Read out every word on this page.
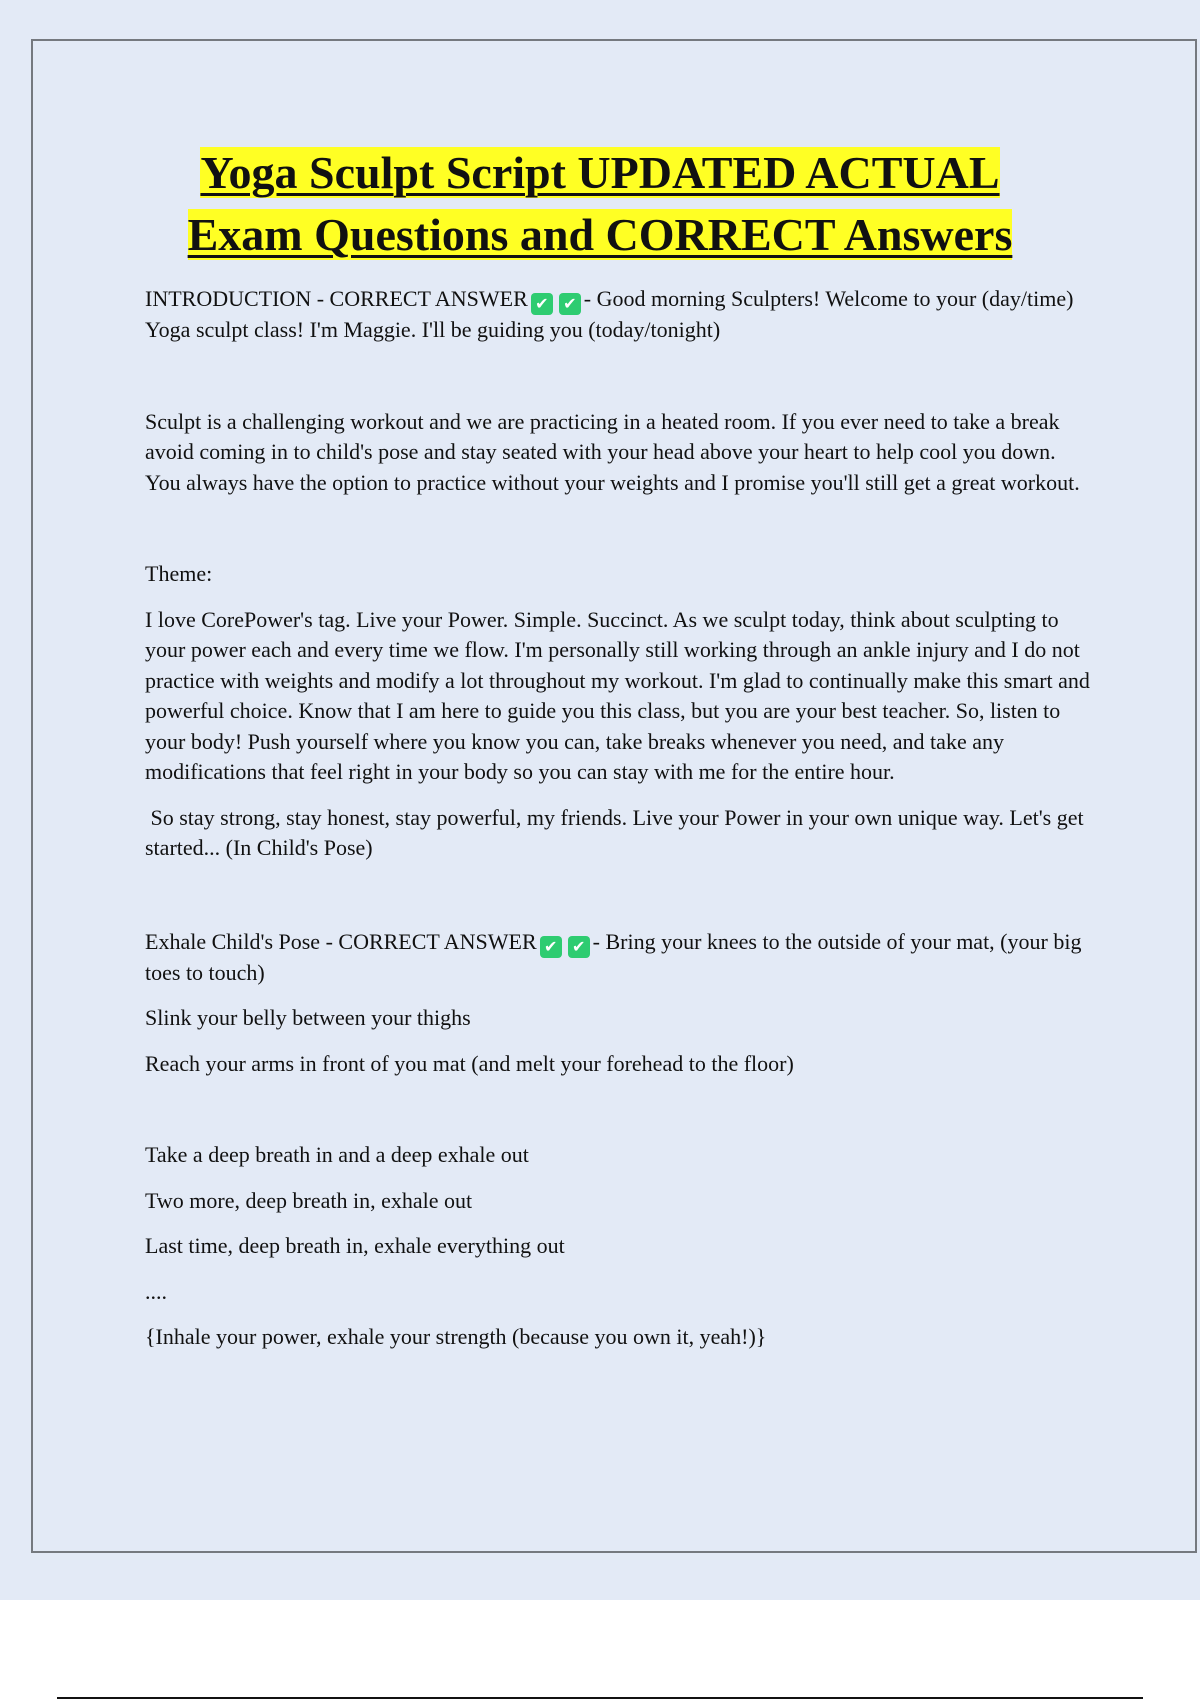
Yoga Sculpt Script UPDATED ACTUAL
Exam Questions and CORRECT Answers

INTRODUCTION - CORRECT ANSWER ✔ ✔ - Good morning Sculpters! Welcome to your (day/time) Yoga sculpt class! I'm Maggie. I'll be guiding you (today/tonight)

Sculpt is a challenging workout and we are practicing in a heated room. If you ever need to take a break avoid coming in to child's pose and stay seated with your head above your heart to help cool you down. You always have the option to practice without your weights and I promise you'll still get a great workout.

Theme:

I love CorePower's tag. Live your Power. Simple. Succinct. As we sculpt today, think about sculpting to your power each and every time we flow. I'm personally still working through an ankle injury and I do not practice with weights and modify a lot throughout my workout. I'm glad to continually make this smart and powerful choice. Know that I am here to guide you this class, but you are your best teacher. So, listen to your body! Push yourself where you know you can, take breaks whenever you need, and take any modifications that feel right in your body so you can stay with me for the entire hour.

So stay strong, stay honest, stay powerful, my friends. Live your Power in your own unique way. Let's get started... (In Child's Pose)

Exhale Child's Pose - CORRECT ANSWER ✔ ✔ - Bring your knees to the outside of your mat, (your big toes to touch)

Slink your belly between your thighs

Reach your arms in front of you mat (and melt your forehead to the floor)

Take a deep breath in and a deep exhale out

Two more, deep breath in, exhale out

Last time, deep breath in, exhale everything out

....

{Inhale your power, exhale your strength (because you own it, yeah!)}
